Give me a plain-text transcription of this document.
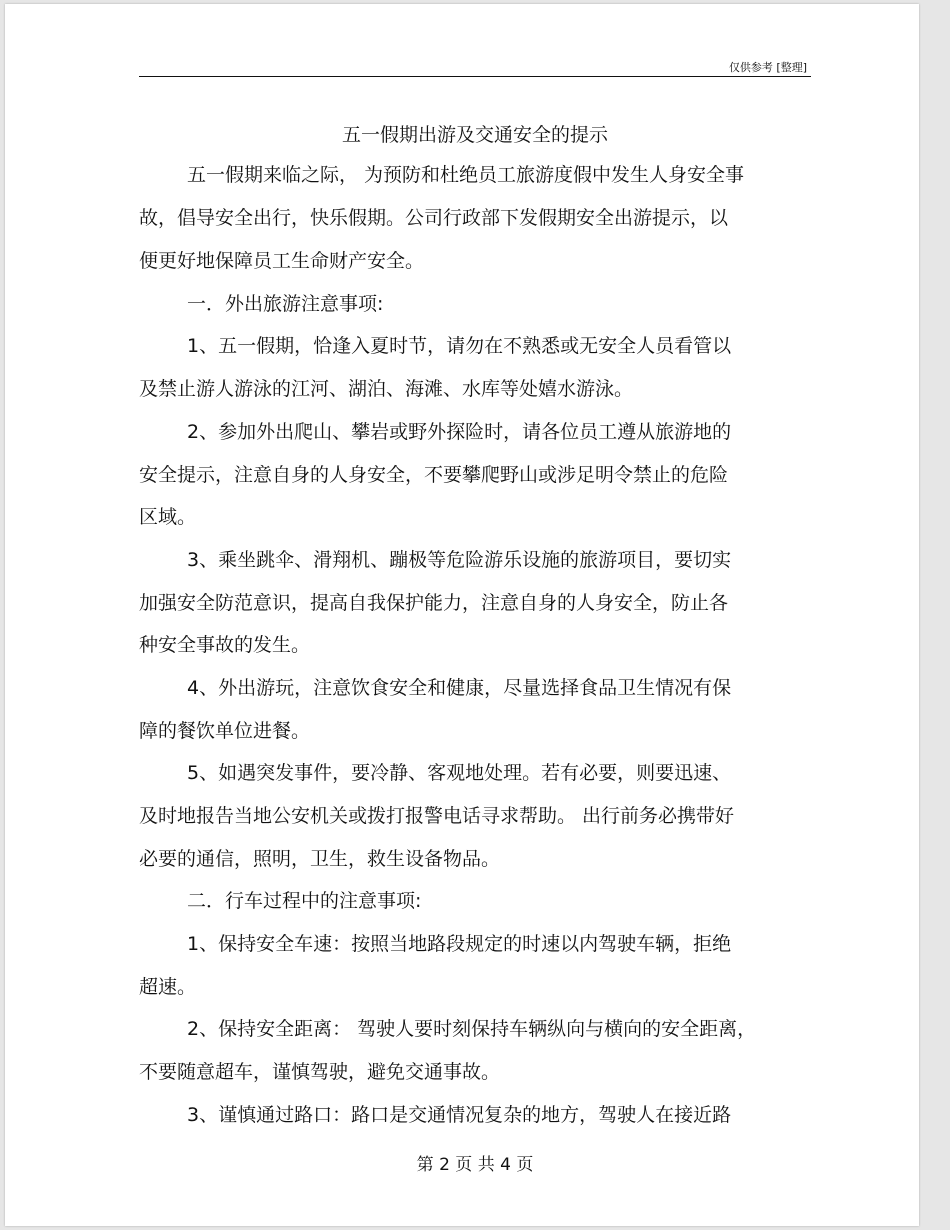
仅供参考 [整理]
五一假期出游及交通安全的提示
五一假期来临之际， 为预防和杜绝员工旅游度假中发生人身安全事
故，倡导安全出行，快乐假期。公司行政部下发假期安全出游提示，以
便更好地保障员工生命财产安全。
一．外出旅游注意事项:
1、五一假期，恰逢入夏时节，请勿在不熟悉或无安全人员看管以
及禁止游人游泳的江河、湖泊、海滩、水库等处嬉水游泳。
2、参加外出爬山、攀岩或野外探险时，请各位员工遵从旅游地的
安全提示，注意自身的人身安全，不要攀爬野山或涉足明令禁止的危险
区域。
3、乘坐跳伞、滑翔机、蹦极等危险游乐设施的旅游项目，要切实
加强安全防范意识，提高自我保护能力，注意自身的人身安全，防止各
种安全事故的发生。
4、外出游玩，注意饮食安全和健康，尽量选择食品卫生情况有保
障的餐饮单位进餐。
5、如遇突发事件，要冷静、客观地处理。若有必要，则要迅速、
及时地报告当地公安机关或拨打报警电话寻求帮助。 出行前务必携带好
必要的通信，照明，卫生，救生设备物品。
二．行车过程中的注意事项:
1、保持安全车速：按照当地路段规定的时速以内驾驶车辆，拒绝
超速。
2、保持安全距离： 驾驶人要时刻保持车辆纵向与横向的安全距离，
不要随意超车，谨慎驾驶，避免交通事故。
3、谨慎通过路口：路口是交通情况复杂的地方，驾驶人在接近路
第 2 页 共 4 页
